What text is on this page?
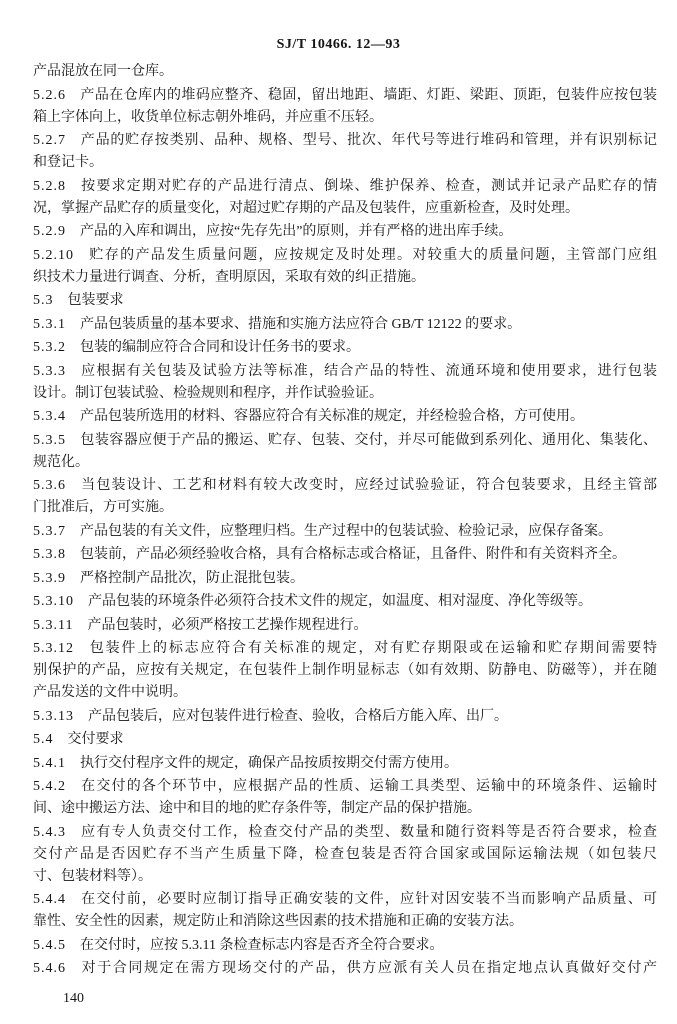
SJ/T 10466. 12—93
产品混放在同一仓库。
5.2.6 产品在仓库内的堆码应整齐、稳固，留出地距、墙距、灯距、梁距、顶距，包装件应按包装
箱上字体向上，收货单位标志朝外堆码，并应重不压轻。
5.2.7 产品的贮存按类别、品种、规格、型号、批次、年代号等进行堆码和管理，并有识别标记
和登记卡。
5.2.8 按要求定期对贮存的产品进行清点、倒垛、维护保养、检查，测试并记录产品贮存的情
况，掌握产品贮存的质量变化，对超过贮存期的产品及包装件，应重新检查，及时处理。
5.2.9 产品的入库和调出，应按“先存先出”的原则，并有严格的进出库手续。
5.2.10 贮存的产品发生质量问题，应按规定及时处理。对较重大的质量问题，主管部门应组
织技术力量进行调查、分析，查明原因，采取有效的纠正措施。
5.3 包装要求
5.3.1 产品包装质量的基本要求、措施和实施方法应符合 GB/T 12122 的要求。
5.3.2 包装的编制应符合合同和设计任务书的要求。
5.3.3 应根据有关包装及试验方法等标准，结合产品的特性、流通环境和使用要求，进行包装
设计。制订包装试验、检验规则和程序，并作试验验证。
5.3.4 产品包装所选用的材料、容器应符合有关标准的规定，并经检验合格，方可使用。
5.3.5 包装容器应便于产品的搬运、贮存、包装、交付，并尽可能做到系列化、通用化、集装化、
规范化。
5.3.6 当包装设计、工艺和材料有较大改变时，应经过试验验证，符合包装要求，且经主管部
门批准后，方可实施。
5.3.7 产品包装的有关文件，应整理归档。生产过程中的包装试验、检验记录，应保存备案。
5.3.8 包装前，产品必须经验收合格，具有合格标志或合格证，且备件、附件和有关资料齐全。
5.3.9 严格控制产品批次，防止混批包装。
5.3.10 产品包装的环境条件必须符合技术文件的规定，如温度、相对湿度、净化等级等。
5.3.11 产品包装时，必须严格按工艺操作规程进行。
5.3.12 包装件上的标志应符合有关标准的规定，对有贮存期限或在运输和贮存期间需要特
别保护的产品，应按有关规定，在包装件上制作明显标志（如有效期、防静电、防磁等），并在随
产品发送的文件中说明。
5.3.13 产品包装后，应对包装件进行检查、验收，合格后方能入库、出厂。
5.4 交付要求
5.4.1 执行交付程序文件的规定，确保产品按质按期交付需方使用。
5.4.2 在交付的各个环节中，应根据产品的性质、运输工具类型、运输中的环境条件、运输时
间、途中搬运方法、途中和目的地的贮存条件等，制定产品的保护措施。
5.4.3 应有专人负责交付工作，检查交付产品的类型、数量和随行资料等是否符合要求，检查
交付产品是否因贮存不当产生质量下降，检查包装是否符合国家或国际运输法规（如包装尺
寸、包装材料等）。
5.4.4 在交付前，必要时应制订指导正确安装的文件，应针对因安装不当而影响产品质量、可
靠性、安全性的因素，规定防止和消除这些因素的技术措施和正确的安装方法。
5.4.5 在交付时，应按 5.3.11 条检查标志内容是否齐全符合要求。
5.4.6 对于合同规定在需方现场交付的产品，供方应派有关人员在指定地点认真做好交付产
140
